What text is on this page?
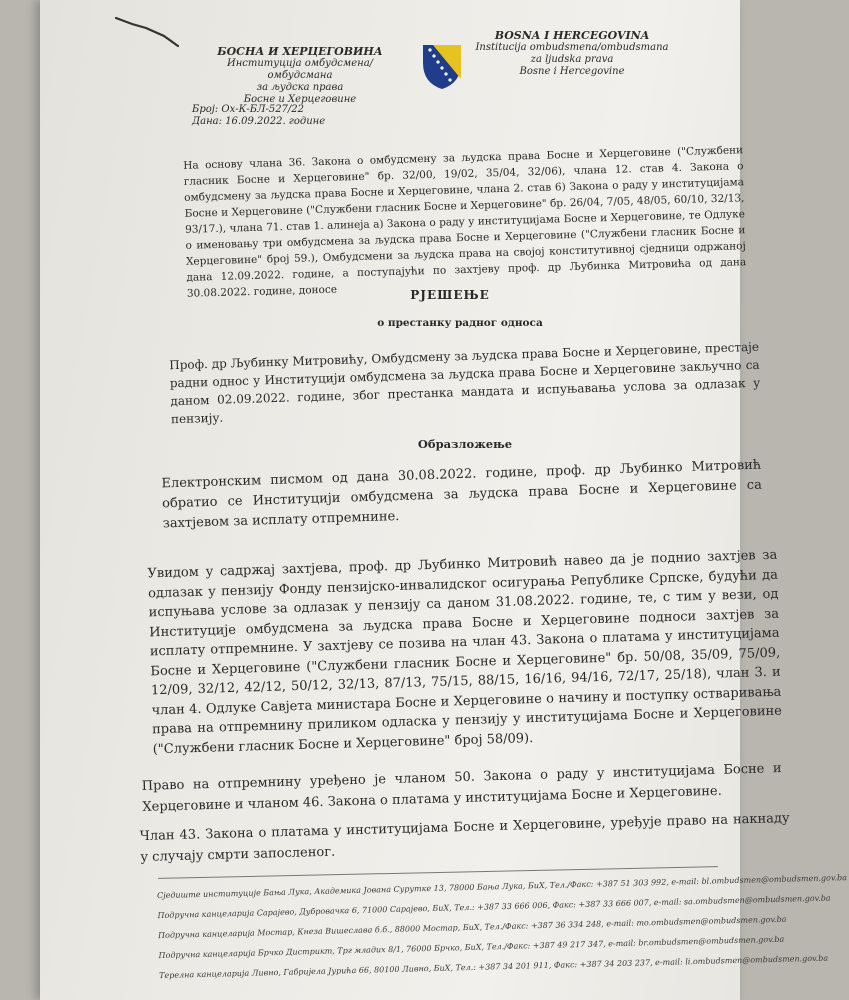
БОСНА И ХЕРЦЕГОВИНА
Институција омбудсмена/омбудсмана
за људска права
Босне и Херцеговине
BOSNA I HERCEGOVINA
Institucija ombudsmena/ombudsmana
za ljudska prava
Bosne i Hercegovine
Број: Ох-К-БЛ-527/22
Дана: 16.09.2022. године
На основу члана 36. Закона о омбудсмену за људска права Босне и Херцеговине ("Службени гласник Босне и Херцеговине" бр. 32/00, 19/02, 35/04, 32/06), члана 12. став 4. Закона о омбудсмену за људска права Босне и Херцеговине, члана 2. став 6) Закона о раду у институцијама Босне и Херцеговине ("Службени гласник Босне и Херцеговине" бр. 26/04, 7/05, 48/05, 60/10, 32/13, 93/17.), члана 71. став 1. алинеја а) Закона о раду у институцијама Босне и Херцеговине, те Одлуке о именовању три омбудсмена за људска права Босне и Херцеговине ("Службени гласник Босне и Херцеговине" број 59.), Омбудсмени за људска права на својој конститутивној сједници одржаној дана 12.09.2022. године, а поступајући по захтјеву проф. др Љубинка Митровића од дана 30.08.2022. године, доносе	РЈЕШЕЊЕ
о престанку радног односа
Проф. др Љубинку Митровићу, Омбудсмену за људска права Босне и Херцеговине, престаје радни однос у Институцији омбудсмена за људска права Босне и Херцеговине закључно са даном 02.09.2022. године, због престанка мандата и испуњавања услова за одлазак у пензију.
Образложење
Електронским писмом од дана 30.08.2022. године, проф. др Љубинко Митровић обратио се Институцији омбудсмена за људска права Босне и Херцеговине са захтјевом за исплату отпремнине.
Увидом у садржај захтјева, проф. др Љубинко Митровић навео да је поднио захтјев за одлазак у пензију Фонду пензијско-инвалидског осигурања Републике Српске, будући да испуњава услове за одлазак у пензију са даном 31.08.2022. године, те, с тим у вези, од Институције омбудсмена за људска права Босне и Херцеговине подноси захтјев за исплату отпремнине. У захтјеву се позива на члан 43. Закона о платама у институцијама Босне и Херцеговине ("Службени гласник Босне и Херцеговине" бр. 50/08, 35/09, 75/09, 12/09, 32/12, 42/12, 50/12, 32/13, 87/13, 75/15, 88/15, 16/16, 94/16, 72/17, 25/18), члан 3. и члан 4. Одлуке Савјета министара Босне и Херцеговине о начину и поступку остваривања права на отпремнину приликом одласка у пензију у институцијама Босне и Херцеговине ("Службени гласник Босне и Херцеговине" број 58/09).
Право на отпремнину уређено је чланом 50. Закона о раду у институцијама Босне и Херцеговине и чланом 46. Закона о платама у институцијама Босне и Херцеговине.
Члан 43. Закона о платама у институцијама Босне и Херцеговине, уређује право на накнаду у случају смрти запосленог.
Сједиште институције Бања Лука, Академика Јована Сурутке 13, 78000 Бања Лука, БиХ, Тел./Факс: +387 51 303 992, e-mail: bl.ombudsmen@ombudsmen.gov.ba
Подручна канцеларија Сарајево, Дубровачка 6, 71000 Сарајево, БиХ, Тел.: +387 33 666 006, Факс: +387 33 666 007, e-mail: sa.ombudsmen@ombudsmen.gov.ba
Подручна канцеларија Мостар, Кнеза Вишеслава б.б., 88000 Мостар, БиХ, Тел./Факс: +387 36 334 248, e-mail: mo.ombudsmen@ombudsmen.gov.ba
Подручна канцеларија Брчко Дистрикт, Трг младих 8/1, 76000 Брчко, БиХ, Тел./Факс: +387 49 217 347, e-mail: br.ombudsmen@ombudsmen.gov.ba
Терелна канцеларија Ливно, Габријела Јурића 66, 80100 Ливно, БиХ, Тел.: +387 34 201 911, Факс: +387 34 203 237, e-mail: li.ombudsmen@ombudsmen.gov.ba
